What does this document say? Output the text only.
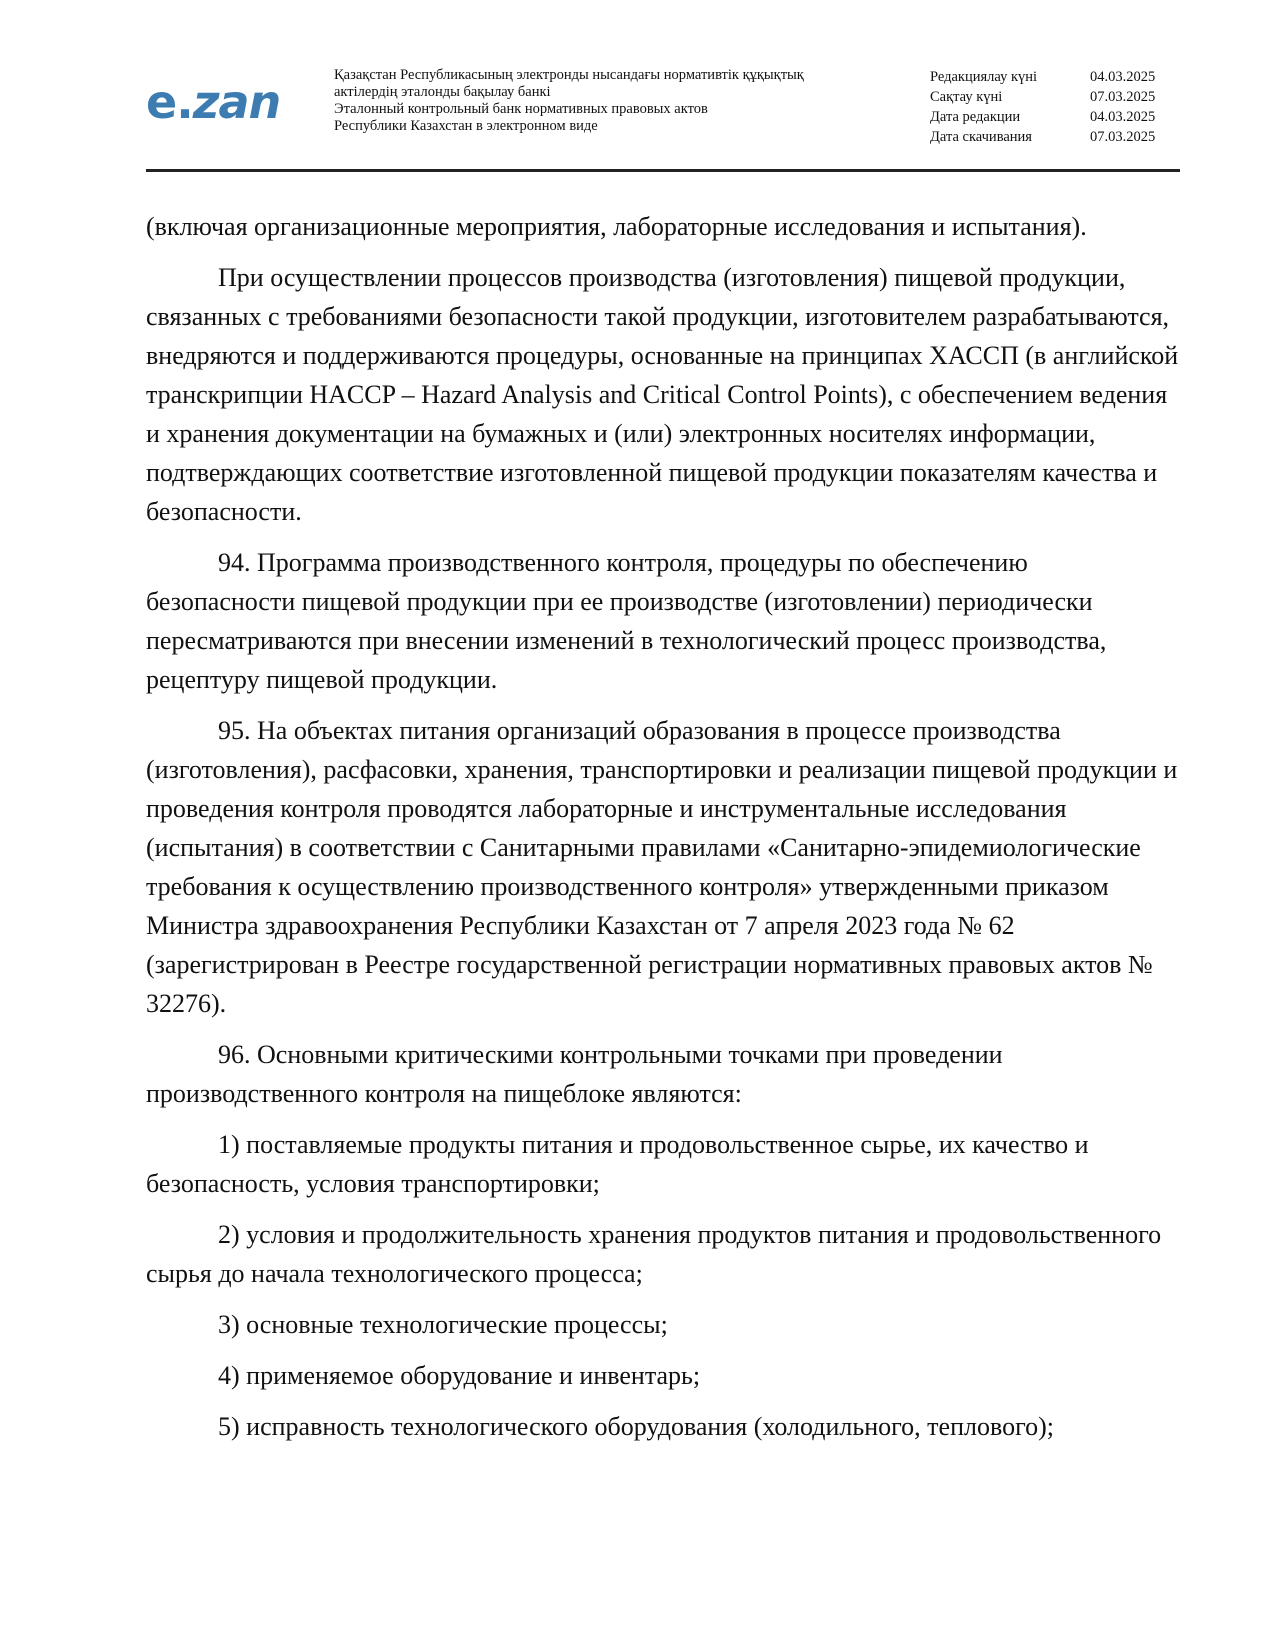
e.zan	Қазақстан Республикасының электронды нысандағы нормативтік құқықтық
актілердің эталонды бақылау банкі
Эталонный контрольный банк нормативных правовых актов
Республики Казахстан в электронном виде
Редакциялау күні	04.03.2025
Сақтау күні	07.03.2025
Дата редакции	04.03.2025
Дата скачивания	07.03.2025

(включая организационные мероприятия, лабораторные исследования и испытания).

При осуществлении процессов производства (изготовления) пищевой продукции, связанных с требованиями безопасности такой продукции, изготовителем разрабатываются, внедряются и поддерживаются процедуры, основанные на принципах ХАССП (в английской транскрипции HACCP – Hazard Analysis and Critical Control Points), с обеспечением ведения и хранения документации на бумажных и (или) электронных носителях информации, подтверждающих соответствие изготовленной пищевой продукции показателям качества и безопасности.

94. Программа производственного контроля, процедуры по обеспечению безопасности пищевой продукции при ее производстве (изготовлении) периодически пересматриваются при внесении изменений в технологический процесс производства, рецептуру пищевой продукции.

95. На объектах питания организаций образования в процессе производства (изготовления), расфасовки, хранения, транспортировки и реализации пищевой продукции и проведения контроля проводятся лабораторные и инструментальные исследования (испытания) в соответствии с Санитарными правилами «Санитарно-эпидемиологические требования к осуществлению производственного контроля» утвержденными приказом Министра здравоохранения Республики Казахстан от 7 апреля 2023 года № 62 (зарегистрирован в Реестре государственной регистрации нормативных правовых актов № 32276).

96. Основными критическими контрольными точками при проведении производственного контроля на пищеблоке являются:

1) поставляемые продукты питания и продовольственное сырье, их качество и безопасность, условия транспортировки;

2) условия и продолжительность хранения продуктов питания и продовольственного сырья до начала технологического процесса;

3) основные технологические процессы;

4) применяемое оборудование и инвентарь;

5) исправность технологического оборудования (холодильного, теплового);
